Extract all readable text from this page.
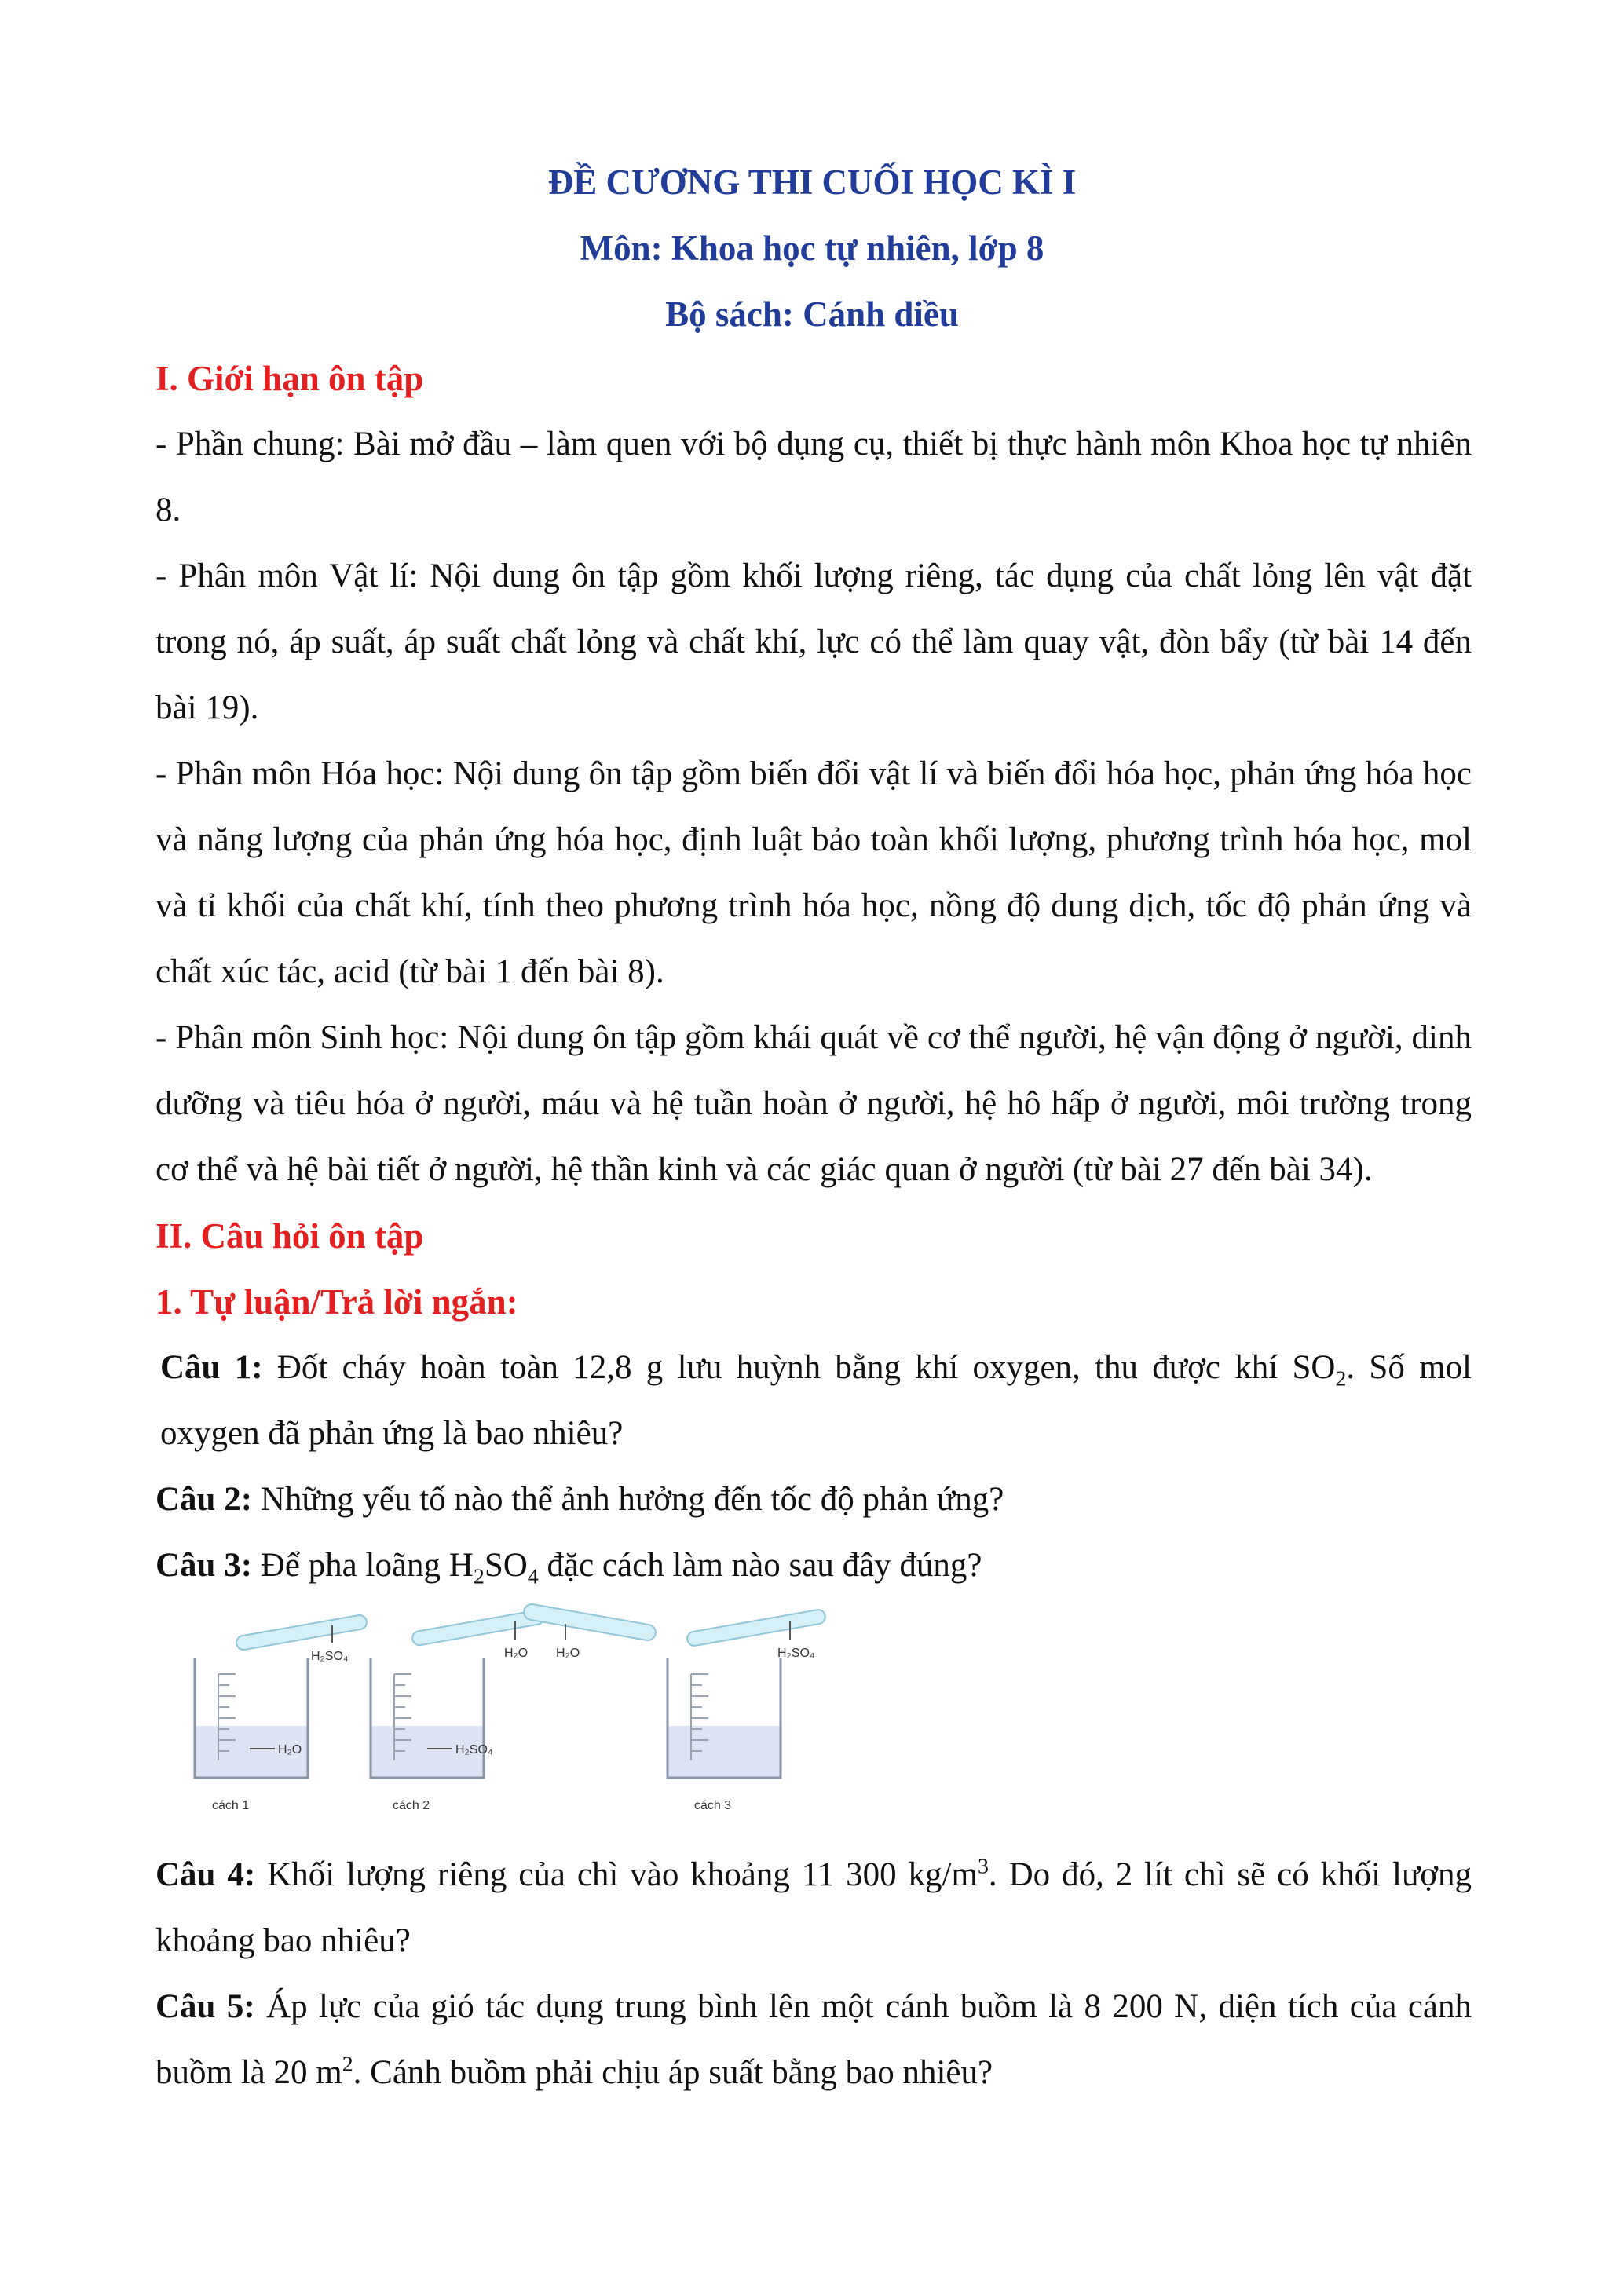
ĐỀ CƯƠNG THI CUỐI HỌC KÌ I
Môn: Khoa học tự nhiên, lớp 8
Bộ sách: Cánh diều
I. Giới hạn ôn tập
- Phần chung: Bài mở đầu – làm quen với bộ dụng cụ, thiết bị thực hành môn Khoa học tự nhiên 8.
- Phân môn Vật lí: Nội dung ôn tập gồm khối lượng riêng, tác dụng của chất lỏng lên vật đặt trong nó, áp suất, áp suất chất lỏng và chất khí, lực có thể làm quay vật, đòn bẩy (từ bài 14 đến bài 19).
- Phân môn Hóa học: Nội dung ôn tập gồm biến đổi vật lí và biến đổi hóa học, phản ứng hóa học và năng lượng của phản ứng hóa học, định luật bảo toàn khối lượng, phương trình hóa học, mol và tỉ khối của chất khí, tính theo phương trình hóa học, nồng độ dung dịch, tốc độ phản ứng và chất xúc tác, acid (từ bài 1 đến bài 8).
- Phân môn Sinh học: Nội dung ôn tập gồm khái quát về cơ thể người, hệ vận động ở người, dinh dưỡng và tiêu hóa ở người, máu và hệ tuần hoàn ở người, hệ hô hấp ở người, môi trường trong cơ thể và hệ bài tiết ở người, hệ thần kinh và các giác quan ở người (từ bài 27 đến bài 34).
II. Câu hỏi ôn tập
1. Tự luận/Trả lời ngắn:
Câu 1: Đốt cháy hoàn toàn 12,8 g lưu huỳnh bằng khí oxygen, thu được khí $SO_2$. Số mol oxygen đã phản ứng là bao nhiêu?
Câu 2: Những yếu tố nào thể ảnh hưởng đến tốc độ phản ứng?
Câu 3: Để pha loãng $H_2SO_4$ đặc cách làm nào sau đây đúng?
H₂O
H₂SO₄
cách 1
H₂SO₄
H₂O
cách 2
H₂O	H₂SO₄
cách 3
Câu 4: Khối lượng riêng của chì vào khoảng 11 300 $kg/m^3$. Do đó, 2 lít chì sẽ có khối lượng khoảng bao nhiêu?
Câu 5: Áp lực của gió tác dụng trung bình lên một cánh buồm là 8 200 N, diện tích của cánh buồm là 20 $m^2$. Cánh buồm phải chịu áp suất bằng bao nhiêu?
